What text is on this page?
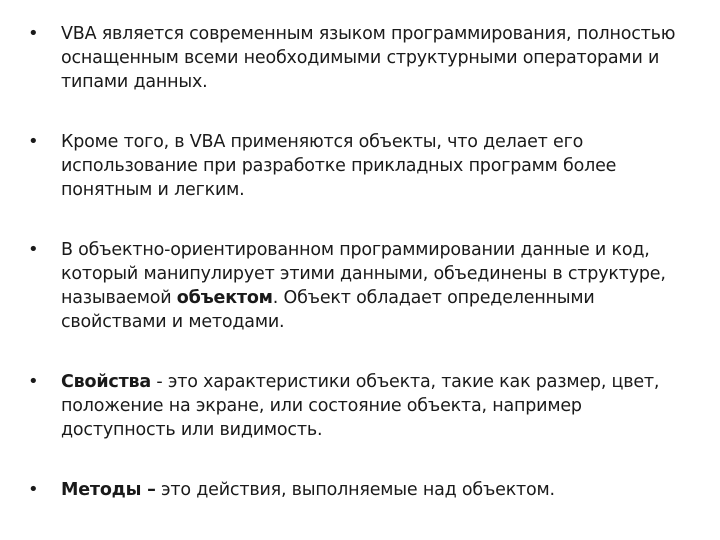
•	VBA является современным языком программирования, полностью оснащенным всеми необходимыми структурными операторами и типами данных.
•	Кроме того, в VBA применяются объекты, что делает его использование при разработке прикладных программ более понятным и легким.
•	В объектно-ориентированном программировании данные и код, который манипулирует этими данными, объединены в структуре, называемой объектом. Объект обладает определенными свойствами и методами.
•	Свойства - это характеристики объекта, такие как размер, цвет, положение на экране, или состояние объекта, например доступность или видимость.
•	Методы – это действия, выполняемые над объектом.
